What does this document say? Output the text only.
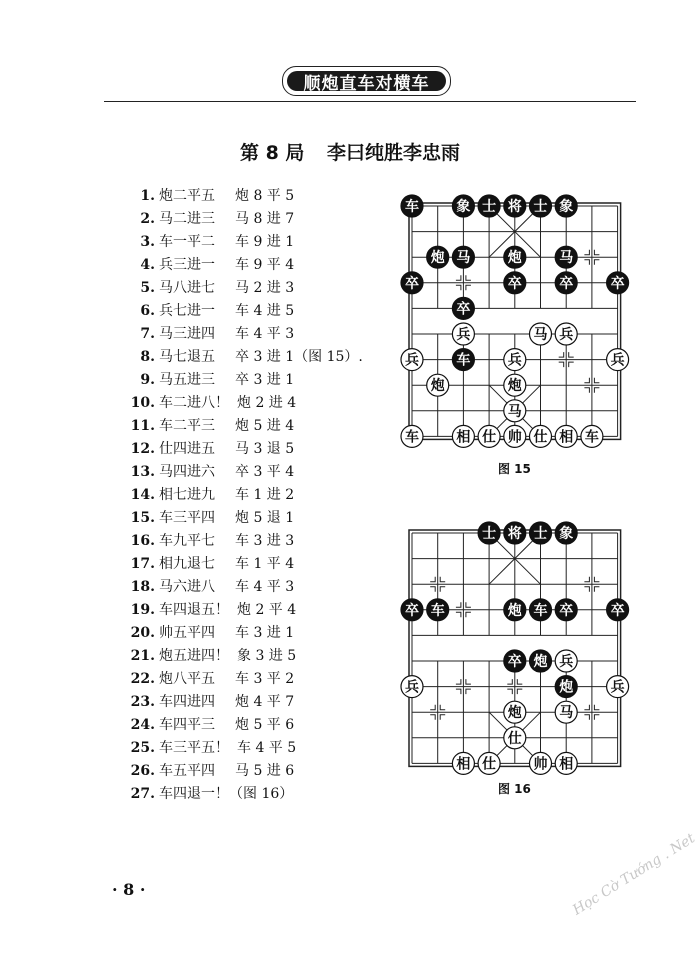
顺炮直车对横车
第 8 局 李曰纯胜李忠雨
1. 炮二平五 炮 8 平 5
2. 马二进三 马 8 进 7
3. 车一平二 车 9 进 1
4. 兵三进一 车 9 平 4
5. 马八进七 马 2 进 3
6. 兵七进一 车 4 进 5
7. 马三进四 车 4 平 3
8. 马七退五 卒 3 进 1（图 15）.
9. 马五进三 卒 3 进 1
10. 车二进八！ 炮 2 进 4
11. 车二平三 炮 5 进 4
12. 仕四进五 马 3 退 5
13. 马四进六 卒 3 平 4
14. 相七进九 车 1 进 2
15. 车三平四 炮 5 退 1
16. 车九平七 车 3 进 3
17. 相九退七 车 1 平 4
18. 马六进八 车 4 平 3
19. 车四退五！ 炮 2 平 4
20. 帅五平四 车 3 进 1
21. 炮五进四！ 象 3 进 5
22. 炮八平五 车 3 平 2
23. 车四进四 炮 4 平 7
24. 车四平三 炮 5 平 6
25. 车三平五！ 车 4 平 5
26. 车五平四 马 5 进 6
27. 车四退一！（图 16）
车	象 士 将 士 象
炮 马	炮	马
卒	卒	卒	卒
卒
兵	马 兵
兵	车	兵	兵
炮	炮
马
车	相 仕 帅 仕 相 车
图 15
士 将 士 象
卒 车	炮 车 卒	卒
卒 炮 兵
兵	炮	兵
炮	马
仕
相 仕	帅 相
图 16
· 8 ·	Học Cờ Tướng . Net
